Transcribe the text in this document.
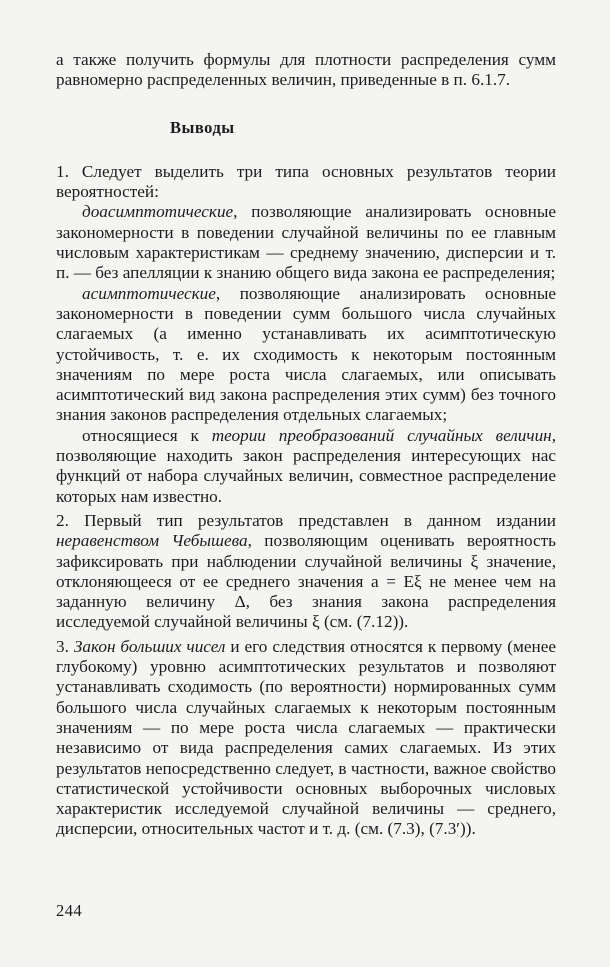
а также получить формулы для плотности распределения сумм равномерно распределенных величин, приведенные в п. 6.1.7.

Выводы

1. Следует выделить три типа основных результатов теории вероятностей:

доасимптотические, позволяющие анализировать основные закономерности в поведении случайной величины по ее главным числовым характеристикам — среднему значению, дисперсии и т. п. — без апелляции к знанию общего вида закона ее распределения;

асимптотические, позволяющие анализировать основные закономерности в поведении сумм большого числа случайных слагаемых (а именно устанавливать их асимптотическую устойчивость, т. е. их сходимость к некоторым постоянным значениям по мере роста числа слагаемых, или описывать асимптотический вид закона распределения этих сумм) без точного знания законов распределения отдельных слагаемых;

относящиеся к теории преобразований случайных величин, позволяющие находить закон распределения интересующих нас функций от набора случайных величин, совместное распределение которых нам известно.

2. Первый тип результатов представлен в данном издании неравенством Чебышева, позволяющим оценивать вероятность зафиксировать при наблюдении случайной величины ξ значение, отклоняющееся от ее среднего значения a = Eξ не менее чем на заданную величину Δ, без знания закона распределения исследуемой случайной величины ξ (см. (7.12)).

3. Закон больших чисел и его следствия относятся к первому (менее глубокому) уровню асимптотических результатов и позволяют устанавливать сходимость (по вероятности) нормированных сумм большого числа случайных слагаемых к некоторым постоянным значениям — по мере роста числа слагаемых — практически независимо от вида распределения самих слагаемых. Из этих результатов непосредственно следует, в частности, важное свойство статистической устойчивости основных выборочных числовых характеристик исследуемой случайной величины — среднего, дисперсии, относительных частот и т. д. (см. (7.3), (7.3′)).

244
